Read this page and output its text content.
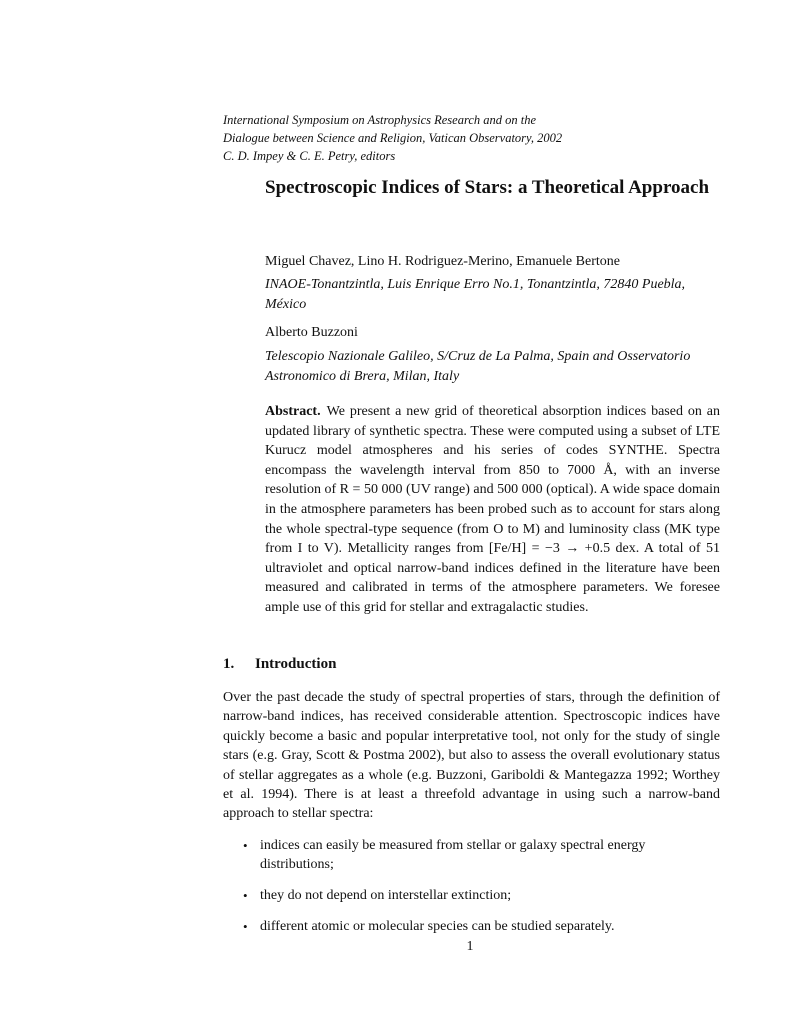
International Symposium on Astrophysics Research and on the
Dialogue between Science and Religion, Vatican Observatory, 2002
C. D. Impey & C. E. Petry, editors
Spectroscopic Indices of Stars: a Theoretical Approach
Miguel Chavez, Lino H. Rodriguez-Merino, Emanuele Bertone
INAOE-Tonantzintla, Luis Enrique Erro No.1, Tonantzintla, 72840 Puebla, México
Alberto Buzzoni
Telescopio Nazionale Galileo, S/Cruz de La Palma, Spain and Osservatorio Astronomico di Brera, Milan, Italy

Abstract. We present a new grid of theoretical absorption indices based on an updated library of synthetic spectra. These were computed using a subset of LTE Kurucz model atmospheres and his series of codes SYNTHE. Spectra encompass the wavelength interval from 850 to 7000 Å, with an inverse resolution of R = 50 000 (UV range) and 500 000 (optical). A wide space domain in the atmosphere parameters has been probed such as to account for stars along the whole spectral-type sequence (from O to M) and luminosity class (MK type from I to V). Metallicity ranges from [Fe/H] = −3 → +0.5 dex. A total of 51 ultraviolet and optical narrow-band indices defined in the literature have been measured and calibrated in terms of the atmosphere parameters. We foresee ample use of this grid for stellar and extragalactic studies.

1. Introduction

Over the past decade the study of spectral properties of stars, through the definition of narrow-band indices, has received considerable attention. Spectroscopic indices have quickly become a basic and popular interpretative tool, not only for the study of single stars (e.g. Gray, Scott & Postma 2002), but also to assess the overall evolutionary status of stellar aggregates as a whole (e.g. Buzzoni, Gariboldi & Mantegazza 1992; Worthey et al. 1994). There is at least a threefold advantage in using such a narrow-band approach to stellar spectra:

• indices can easily be measured from stellar or galaxy spectral energy distributions;
• they do not depend on interstellar extinction;
• different atomic or molecular species can be studied separately.
1
